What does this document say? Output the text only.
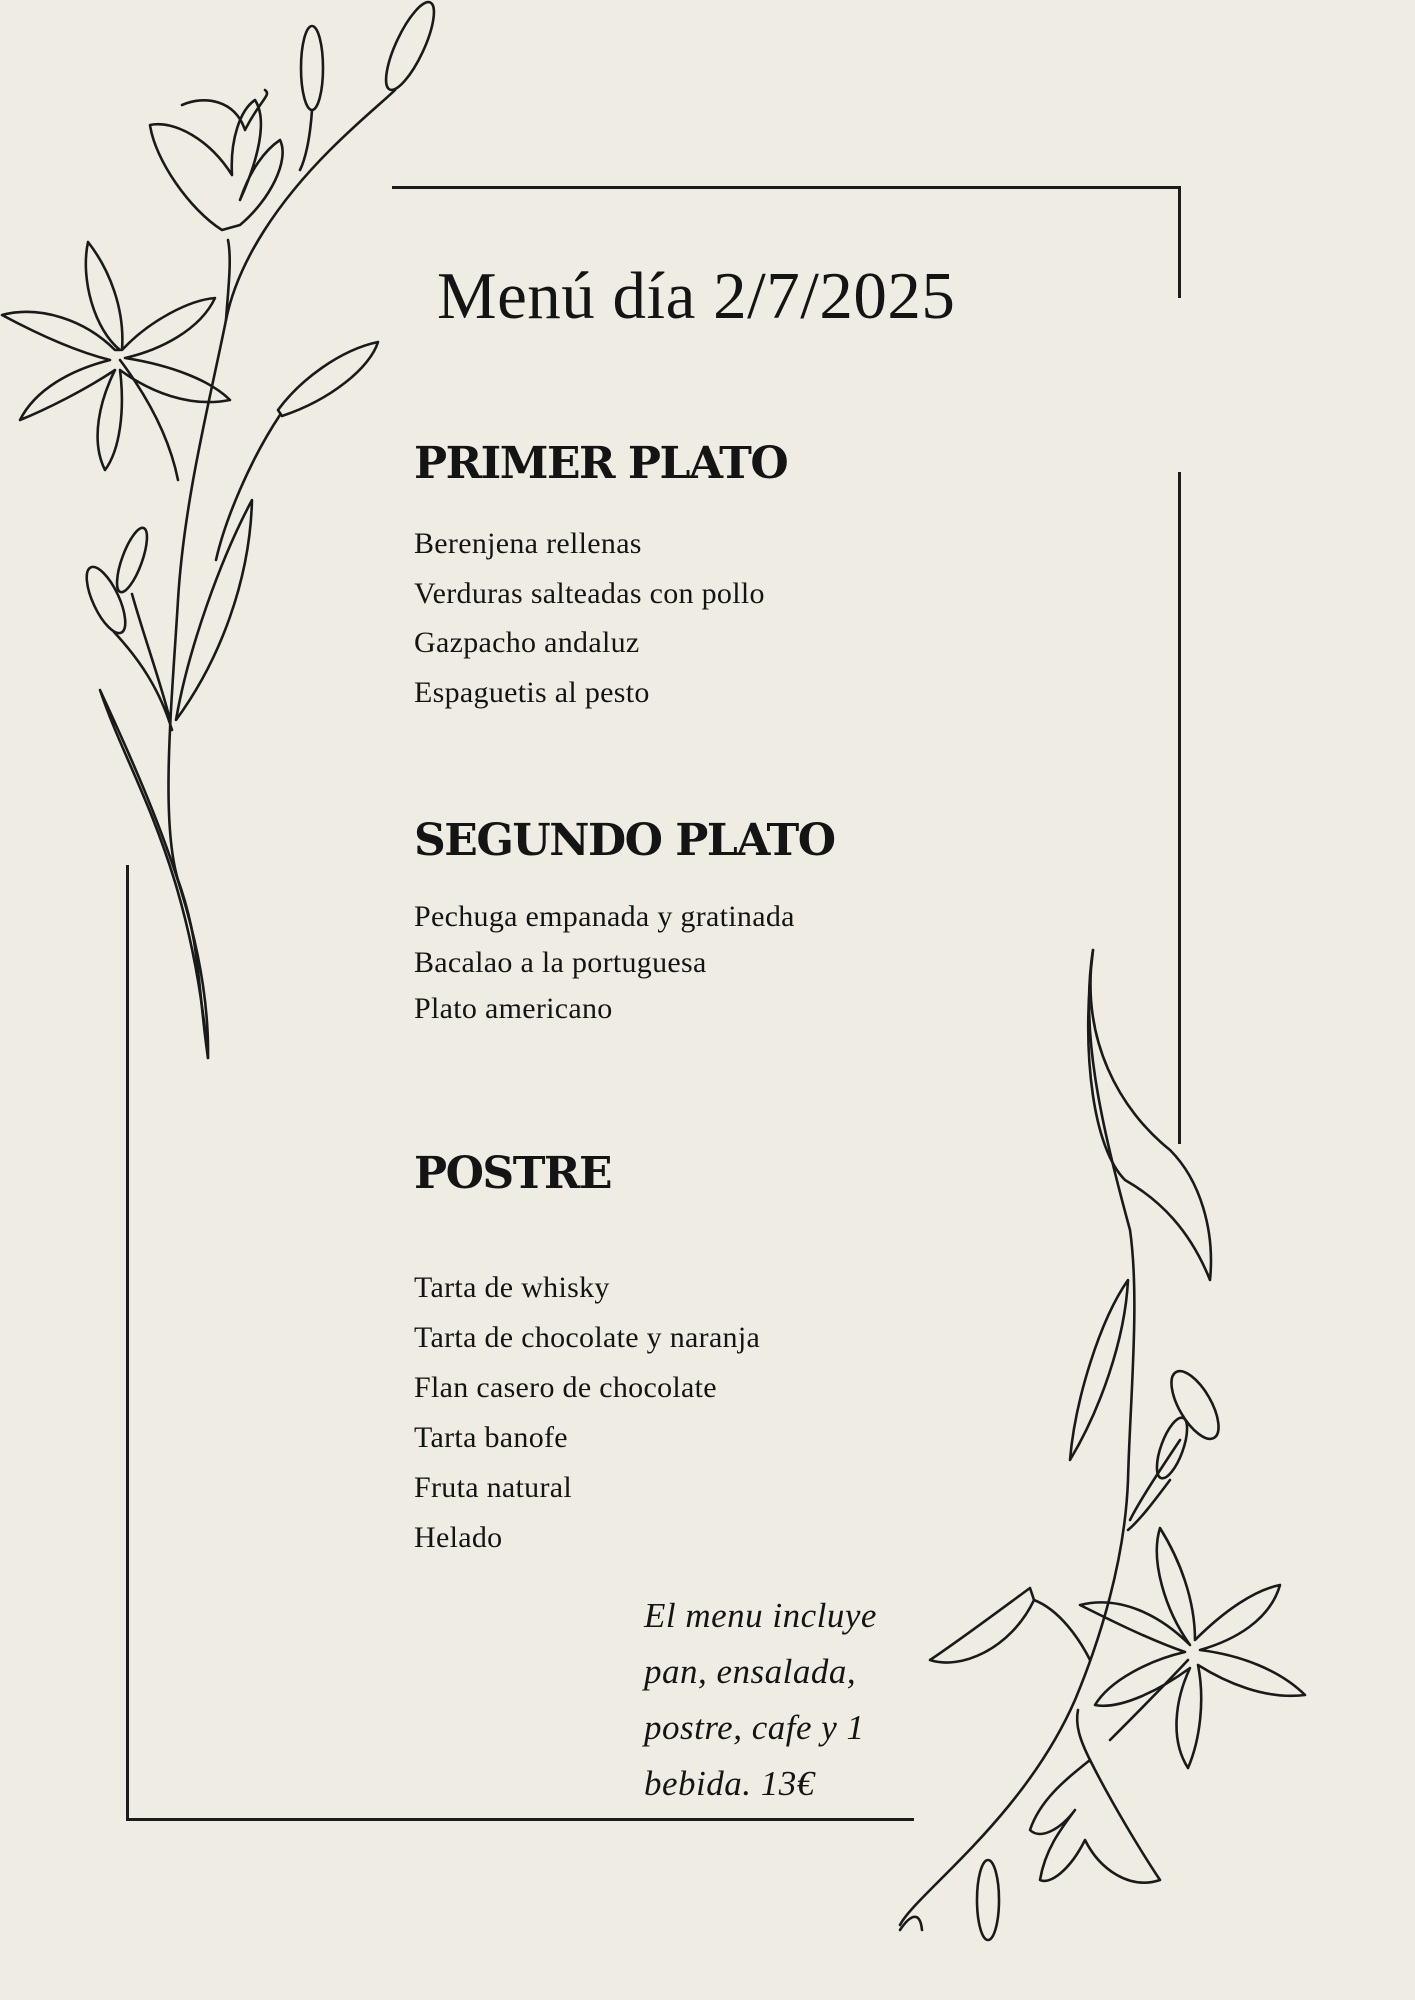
Menú día 2/7/2025
PRIMER PLATO
Berenjena rellenas
Verduras salteadas con pollo
Gazpacho andaluz
Espaguetis al pesto
SEGUNDO PLATO
Pechuga empanada y gratinada
Bacalao a la portuguesa
Plato americano
POSTRE
Tarta de whisky
Tarta de chocolate y naranja
Flan casero de chocolate
Tarta banofe
Fruta natural
Helado
El menu incluye pan, ensalada, postre, cafe y 1 bebida. 13€
